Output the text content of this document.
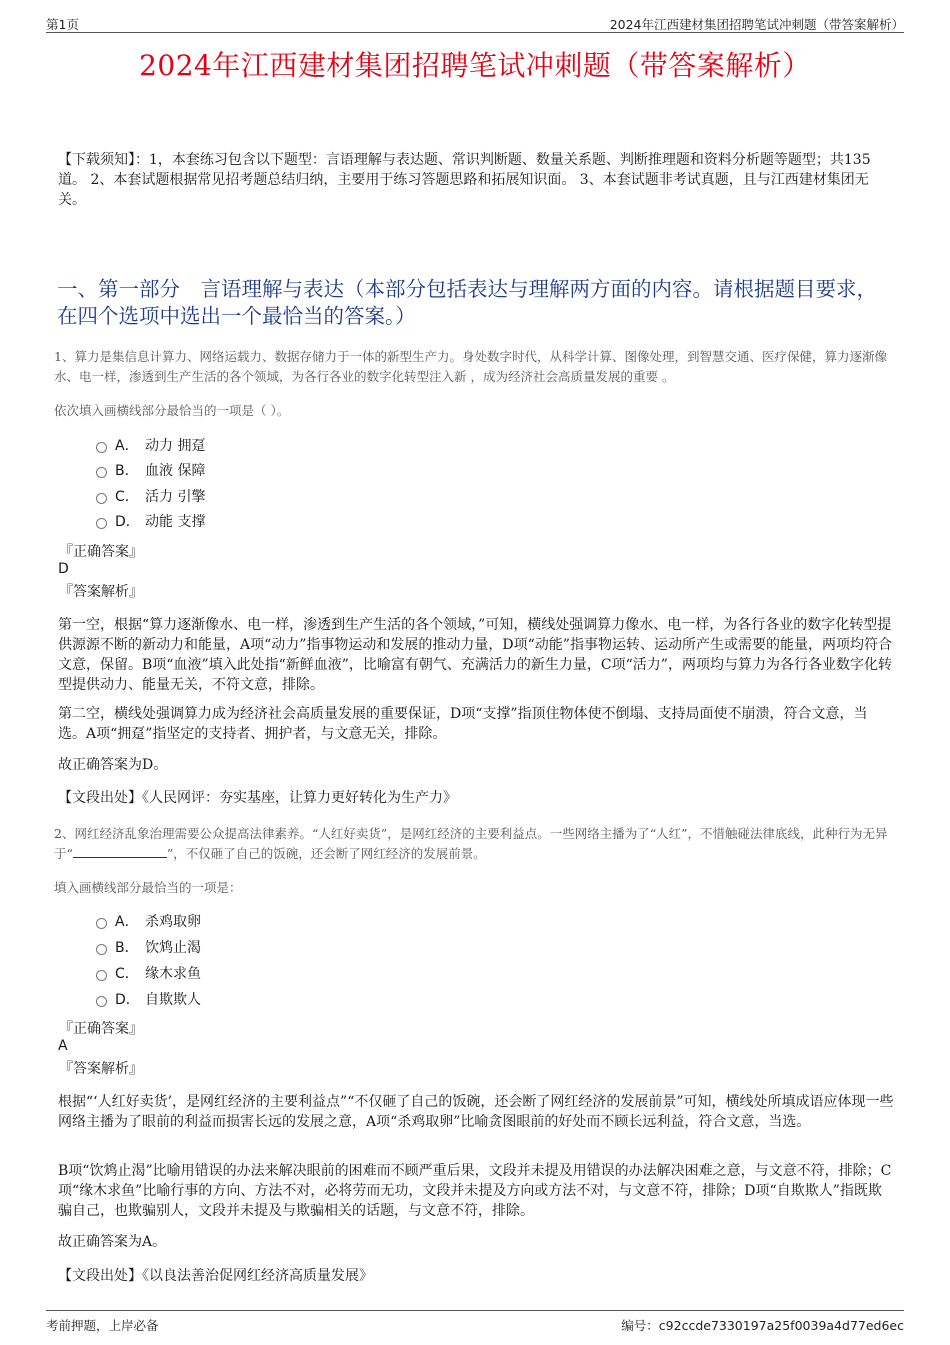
第1页	2024年江西建材集团招聘笔试冲刺题（带答案解析）
2024年江西建材集团招聘笔试冲刺题（带答案解析）
【下载须知】：1，本套练习包含以下题型：言语理解与表达题、常识判断题、数量关系题、判断推理题和资料分析题等题型；共135道。 2、本套试题根据常见招考题总结归纳，主要用于练习答题思路和拓展知识面。 3、本套试题非考试真题，且与江西建材集团无关。
一、第一部分　言语理解与表达（本部分包括表达与理解两方面的内容。请根据题目要求，在四个选项中选出一个最恰当的答案。）
1、算力是集信息计算力、网络运载力、数据存储力于一体的新型生产力。身处数字时代，从科学计算、图像处理，到智慧交通、医疗保健，算力逐渐像水、电一样，渗透到生产生活的各个领域，为各行各业的数字化转型注入新 ，成为经济社会高质量发展的重要 。
依次填入画横线部分最恰当的一项是（ ）。
A． 动力 拥趸
B． 血液 保障
C． 活力 引擎
D． 动能 支撑
『正确答案』
D
『答案解析』
第一空，根据“算力逐渐像水、电一样，渗透到生产生活的各个领域，”可知，横线处强调算力像水、电一样，为各行各业的数字化转型提供源源不断的新动力和能量，A项“动力”指事物运动和发展的推动力量，D项“动能”指事物运转、运动所产生或需要的能量，两项均符合文意，保留。B项“血液”填入此处指“新鲜血液”，比喻富有朝气、充满活力的新生力量，C项“活力”，两项均与算力为各行各业数字化转型提供动力、能量无关，不符文意，排除。
第二空，横线处强调算力成为经济社会高质量发展的重要保证，D项“支撑”指顶住物体使不倒塌、支持局面使不崩溃，符合文意，当选。A项“拥趸”指坚定的支持者、拥护者，与文意无关，排除。
故正确答案为D。
【文段出处】《人民网评：夯实基座，让算力更好转化为生产力》
2、网红经济乱象治理需要公众提高法律素养。“人红好卖货”，是网红经济的主要利益点。一些网络主播为了“人红”，不惜触碰法律底线，此种行为无异于“	”，不仅砸了自己的饭碗，还会断了网红经济的发展前景。
填入画横线部分最恰当的一项是：
A． 杀鸡取卵
B． 饮鸩止渴
C． 缘木求鱼
D． 自欺欺人
『正确答案』
A
『答案解析』
根据“‘人红好卖货’，是网红经济的主要利益点”“不仅砸了自己的饭碗，还会断了网红经济的发展前景”可知，横线处所填成语应体现一些网络主播为了眼前的利益而损害长远的发展之意，A项“杀鸡取卵”比喻贪图眼前的好处而不顾长远利益，符合文意，当选。
B项“饮鸩止渴”比喻用错误的办法来解决眼前的困难而不顾严重后果，文段并未提及用错误的办法解决困难之意，与文意不符，排除；C项“缘木求鱼”比喻行事的方向、方法不对，必将劳而无功，文段并未提及方向或方法不对，与文意不符，排除；D项“自欺欺人”指既欺骗自己，也欺骗别人，文段并未提及与欺骗相关的话题，与文意不符，排除。
故正确答案为A。
【文段出处】《以良法善治促网红经济高质量发展》
考前押题，上岸必备	编号：c92ccde7330197a25f0039a4d77ed6ec
